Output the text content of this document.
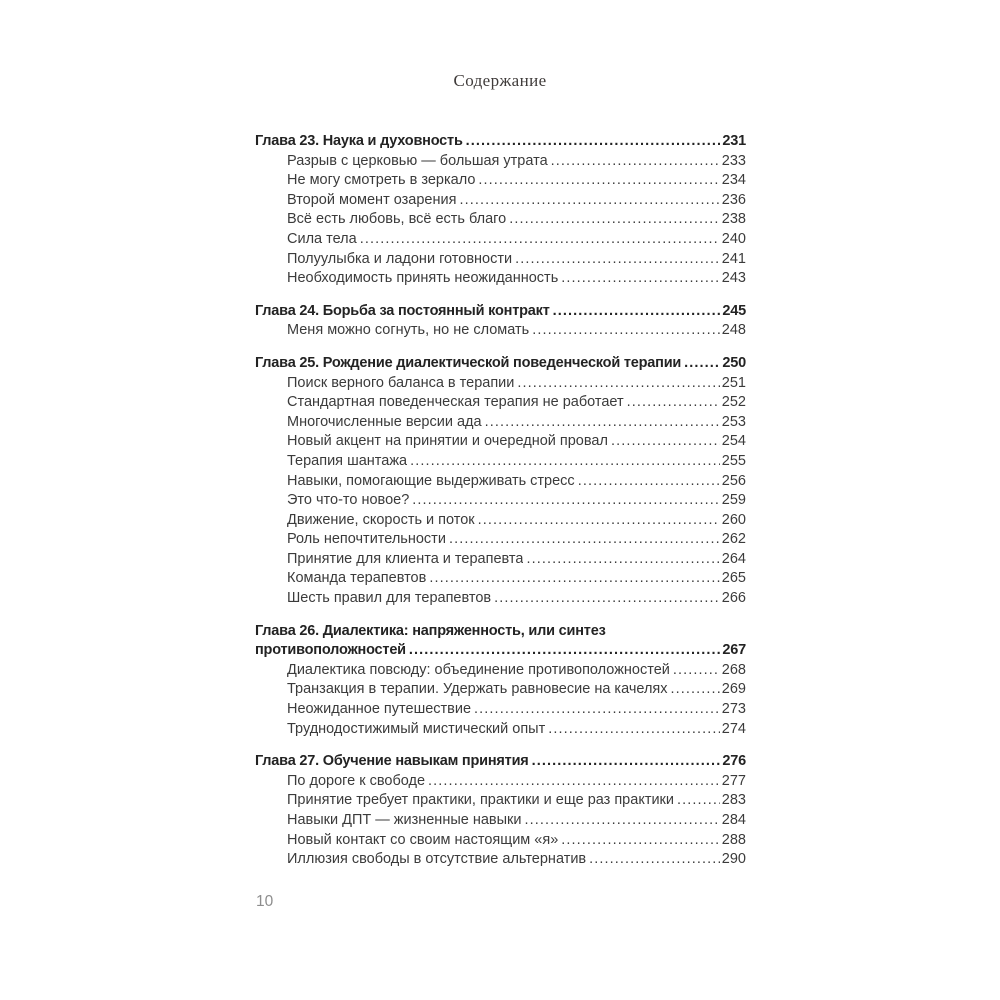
Содержание
Глава 23. Наука и духовность .....	231
Разрыв с церковью — большая утрата .....	233
Не могу смотреть в зеркало .....	234
Второй момент озарения .....	236
Всё есть любовь, всё есть благо .....	238
Сила тела .....	240
Полуулыбка и ладони готовности .....	241
Необходимость принять неожиданность .....	243
Глава 24. Борьба за постоянный контракт .....	245
Меня можно согнуть, но не сломать .....	248
Глава 25. Рождение диалектической поведенческой терапии .....	250
Поиск верного баланса в терапии .....	251
Стандартная поведенческая терапия не работает .....	252
Многочисленные версии ада .....	253
Новый акцент на принятии и очередной провал .....	254
Терапия шантажа .....	255
Навыки, помогающие выдерживать стресс .....	256
Это что-то новое? .....	259
Движение, скорость и поток .....	260
Роль непочтительности .....	262
Принятие для клиента и терапевта .....	264
Команда терапевтов .....	265
Шесть правил для терапевтов .....	266
Глава 26. Диалектика: напряженность, или синтез
противоположностей .....	267
Диалектика повсюду: объединение противоположностей .....	268
Транзакция в терапии. Удержать равновесие на качелях .....	269
Неожиданное путешествие .....	273
Труднодостижимый мистический опыт .....	274
Глава 27. Обучение навыкам принятия .....	276
По дороге к свободе .....	277
Принятие требует практики, практики и еще раз практики .....	283
Навыки ДПТ — жизненные навыки .....	284
Новый контакт со своим настоящим «я» .....	288
Иллюзия свободы в отсутствие альтернатив .....	290
10
